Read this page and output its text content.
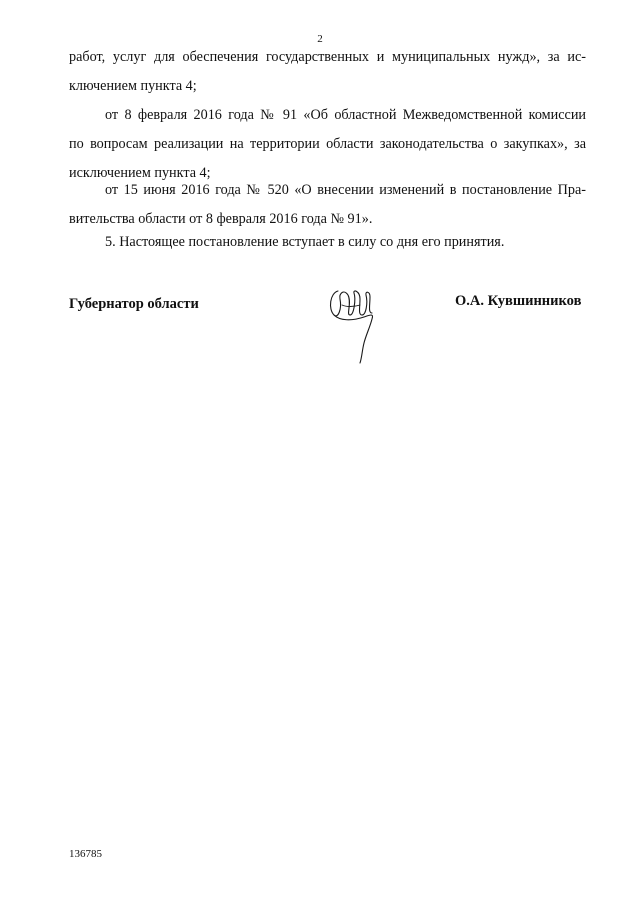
2
работ, услуг для обеспечения государственных и муниципальных нужд», за ис-
ключением пункта 4;
от 8 февраля 2016 года № 91 «Об областной Межведомственной комиссии
по вопросам реализации на территории области законодательства о закупках», за
исключением пункта 4;
от 15 июня 2016 года № 520 «О внесении изменений в постановление Пра-
вительства области от 8 февраля 2016 года № 91».
5. Настоящее постановление вступает в силу со дня его принятия.
Губернатор области	О.А. Кувшинников
136785
